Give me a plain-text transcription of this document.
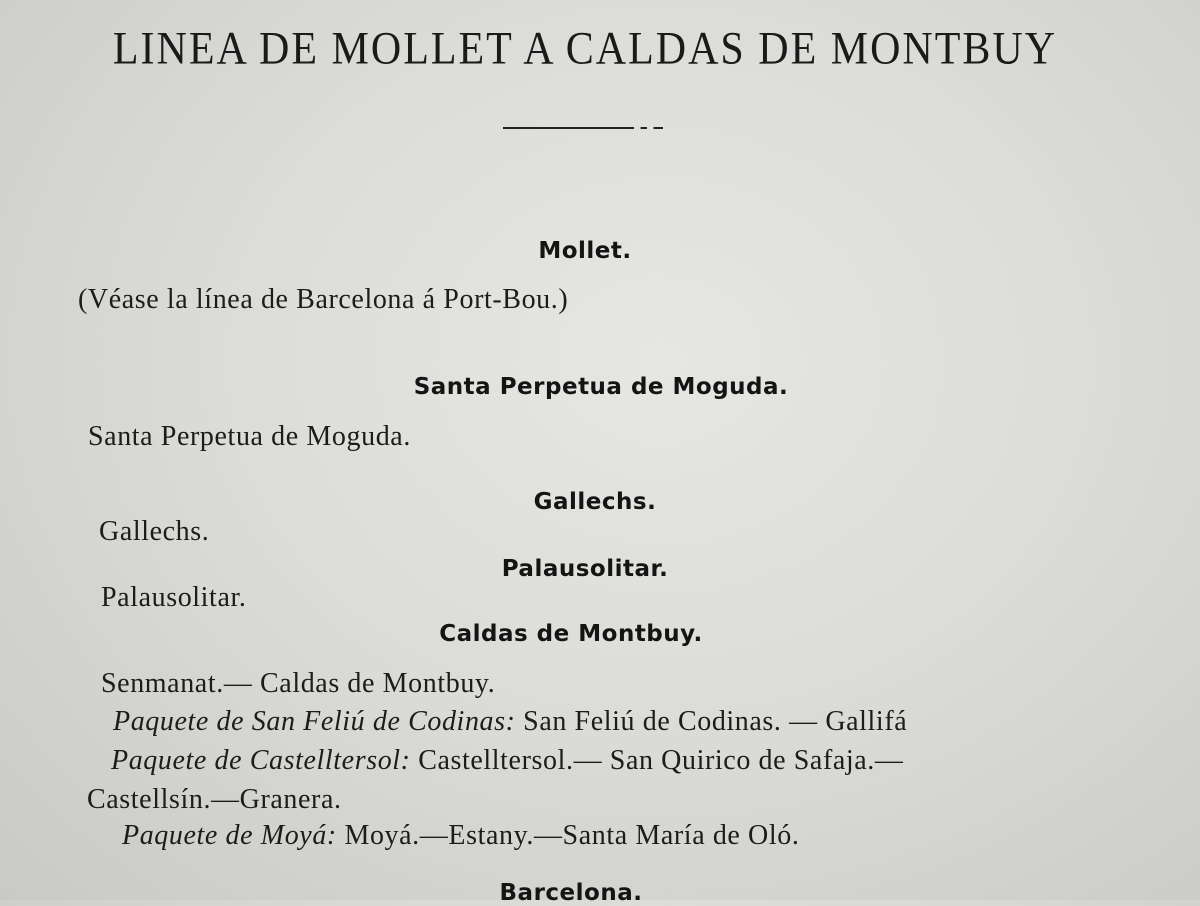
LINEA DE MOLLET A CALDAS DE MONTBUY
Mollet.
(Véase la línea de Barcelona á Port-Bou.)
Santa Perpetua de Moguda.
Santa Perpetua de Moguda.
Gallechs.
Gallechs.
Palausolitar.
Palausolitar.
Caldas de Montbuy.
Senmanat.— Caldas de Montbuy.
Paquete de San Feliú de Codinas: San Feliú de Codinas. — Gallifá
Paquete de Castelltersol: Castelltersol.— San Quirico de Safaja.—
Castellsín.—Granera.
Paquete de Moyá: Moyá.—Estany.—Santa María de Oló.
Barcelona.
